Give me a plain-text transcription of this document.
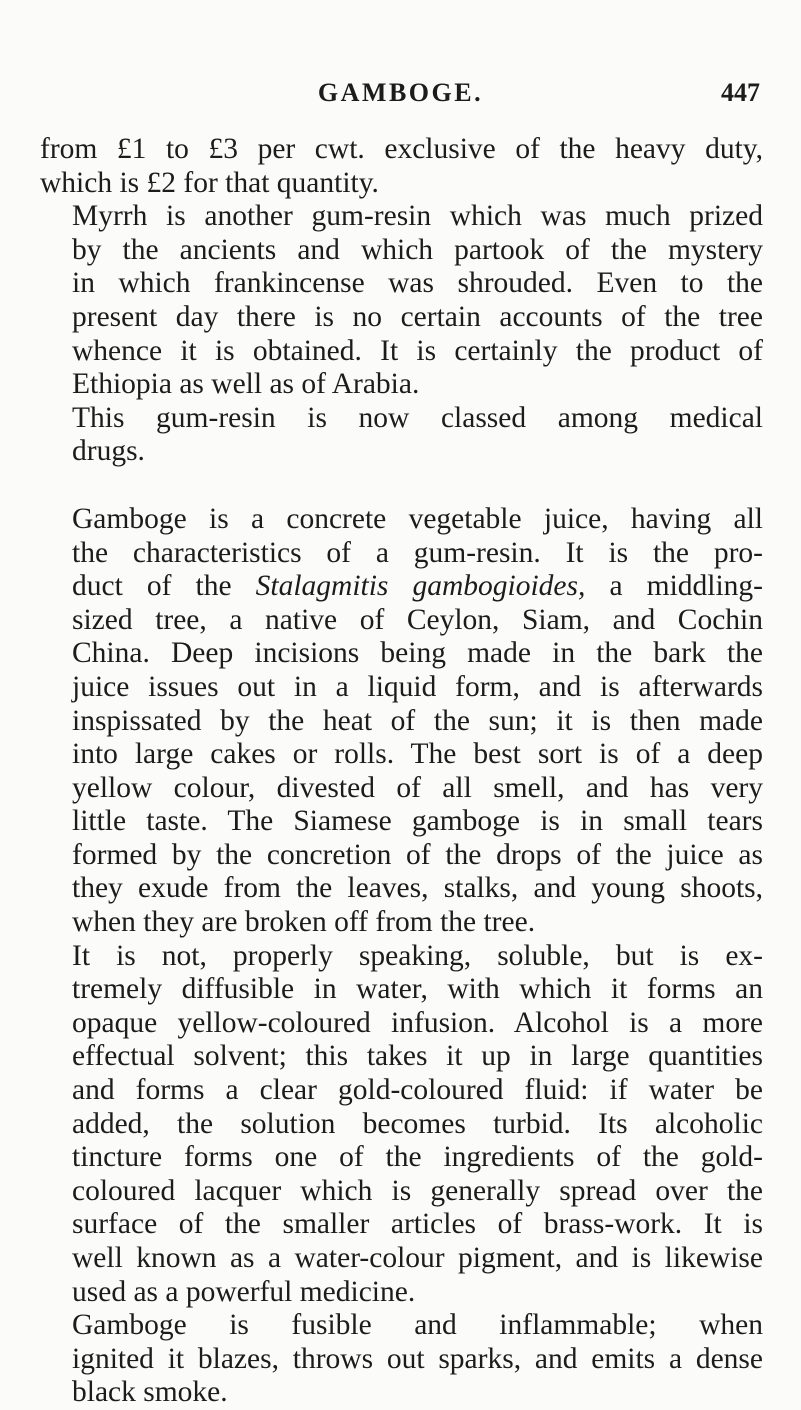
GAMBOGE.	447

from £1 to £3 per cwt. exclusive of the heavy duty,
which is £2 for that quantity.

Myrrh is another gum-resin which was much prized
by the ancients and which partook of the mystery
in which frankincense was shrouded. Even to the
present day there is no certain accounts of the tree
whence it is obtained. It is certainly the product of
Ethiopia as well as of Arabia.

This gum-resin is now classed among medical
drugs.

Gamboge is a concrete vegetable juice, having all
the characteristics of a gum-resin. It is the pro-
duct of the Stalagmitis gambogioides, a middling-
sized tree, a native of Ceylon, Siam, and Cochin
China. Deep incisions being made in the bark the
juice issues out in a liquid form, and is afterwards
inspissated by the heat of the sun; it is then made
into large cakes or rolls. The best sort is of a deep
yellow colour, divested of all smell, and has very
little taste. The Siamese gamboge is in small tears
formed by the concretion of the drops of the juice as
they exude from the leaves, stalks, and young shoots,
when they are broken off from the tree.

It is not, properly speaking, soluble, but is ex-
tremely diffusible in water, with which it forms an
opaque yellow-coloured infusion. Alcohol is a more
effectual solvent; this takes it up in large quantities
and forms a clear gold-coloured fluid: if water be
added, the solution becomes turbid. Its alcoholic
tincture forms one of the ingredients of the gold-
coloured lacquer which is generally spread over the
surface of the smaller articles of brass-work. It is
well known as a water-colour pigment, and is likewise
used as a powerful medicine.

Gamboge is fusible and inflammable; when
ignited it blazes, throws out sparks, and emits a dense
black smoke.
